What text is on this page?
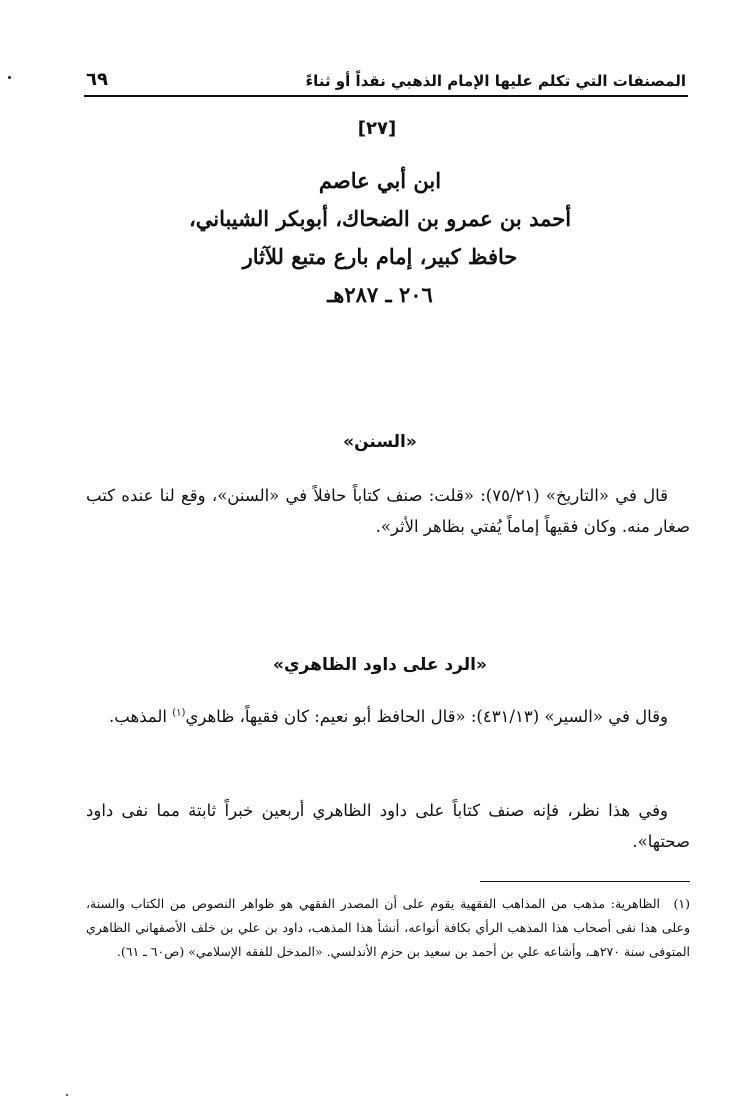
المصنفات التي تكلم عليها الإمام الذهبي نقداً أو ثناءً
٦٩
[٢٧]
ابن أبي عاصم
أحمد بن عمرو بن الضحاك، أبوبكر الشيباني،
حافظ كبير، إمام بارع متبع للآثار
٢٠٦ ـ ٢٨٧هـ
«السنن»
قال في «التاريخ» (٧٥/٢١): «قلت: صنف كتاباً حافلاً في «السنن»، وقع لنا عنده كتب صغار منه. وكان فقيهاً إماماً يُفتي بظاهر الأثر».
«الرد على داود الظاهري»
وقال في «السير» (٤٣١/١٣): «قال الحافظ أبو نعيم: كان فقيهاً، ظاهري$^{(١)}$ المذهب.
وفي هذا نظر، فإنه صنف كتاباً على داود الظاهري أربعين خبراً ثابتة مما نفى داود صحتها».
(١)الظاهرية: مذهب من المذاهب الفقهية يقوم على أن المصدر الفقهي هو ظواهر النصوص من الكتاب والسنة، وعلى هذا نفى أصحاب هذا المذهب الرأي بكافة أنواعه، أنشأ هذا المذهب، داود بن علي بن خلف الأصفهاني الظاهري المتوفى سنة ٢٧٠هـ، وأشاعه علي بن أحمد بن سعيد بن حزم الأندلسي. «المدخل للفقه الإسلامي» (ص٦٠ ـ ٦١).
